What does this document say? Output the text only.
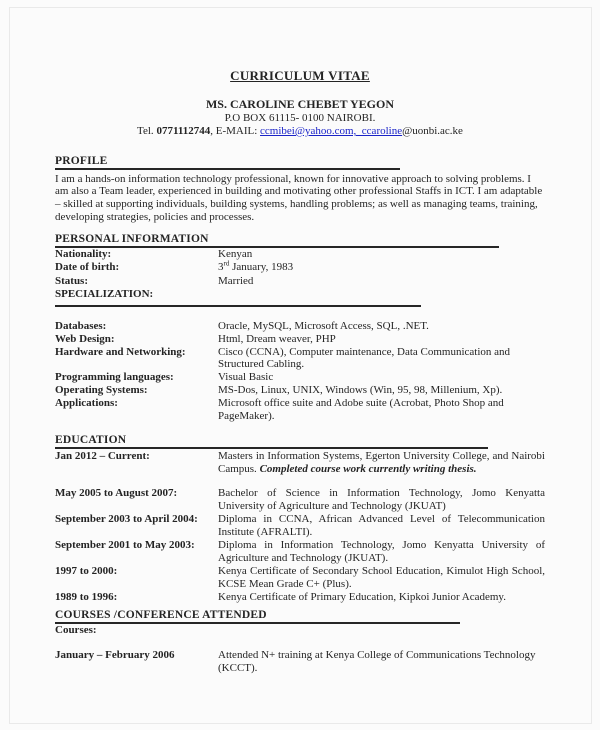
CURRICULUM VITAE
MS. CAROLINE CHEBET YEGON
P.O BOX 61115- 0100 NAIROBI.
Tel. 0771112744, E-MAIL: ccmibei@yahoo.com,  ccaroline@uonbi.ac.ke
PROFILE
I am a hands-on information technology professional, known for innovative approach to solving problems. I am also a Team leader, experienced in building and motivating other professional Staffs in ICT. I am adaptable – skilled at supporting individuals, building systems, handling problems; as well as managing teams, training, developing strategies, policies and processes.
PERSONAL INFORMATION
Nationality:	Kenyan
Date of birth:	3rd January, 1983
Status:	Married
SPECIALIZATION:
Databases:	Oracle, MySQL, Microsoft Access, SQL, .NET.
Web Design:	Html, Dream weaver, PHP
Hardware and Networking:	Cisco (CCNA), Computer maintenance, Data Communication and Structured Cabling.
Programming languages:	Visual Basic
Operating Systems:	MS-Dos, Linux, UNIX, Windows (Win, 95, 98, Millenium, Xp).
Applications:	Microsoft office suite and Adobe suite (Acrobat, Photo Shop and PageMaker).
EDUCATION
Jan 2012 – Current:	Masters in Information Systems, Egerton University College, and Nairobi Campus. Completed course work currently writing thesis.
May 2005 to August 2007:	Bachelor of Science in Information Technology, Jomo Kenyatta University of Agriculture and Technology (JKUAT)
September 2003 to April 2004:	Diploma in CCNA, African Advanced Level of Telecommunication Institute (AFRALTI).
September 2001 to May 2003:	Diploma in Information Technology, Jomo Kenyatta University of Agriculture and Technology (JKUAT).
1997 to 2000:	Kenya Certificate of Secondary School Education, Kimulot High School, KCSE Mean Grade C+ (Plus).
1989 to 1996:	Kenya Certificate of Primary Education, Kipkoi Junior Academy.
COURSES /CONFERENCE ATTENDED
Courses:
January – February 2006	Attended N+ training at Kenya College of Communications Technology (KCCT).
